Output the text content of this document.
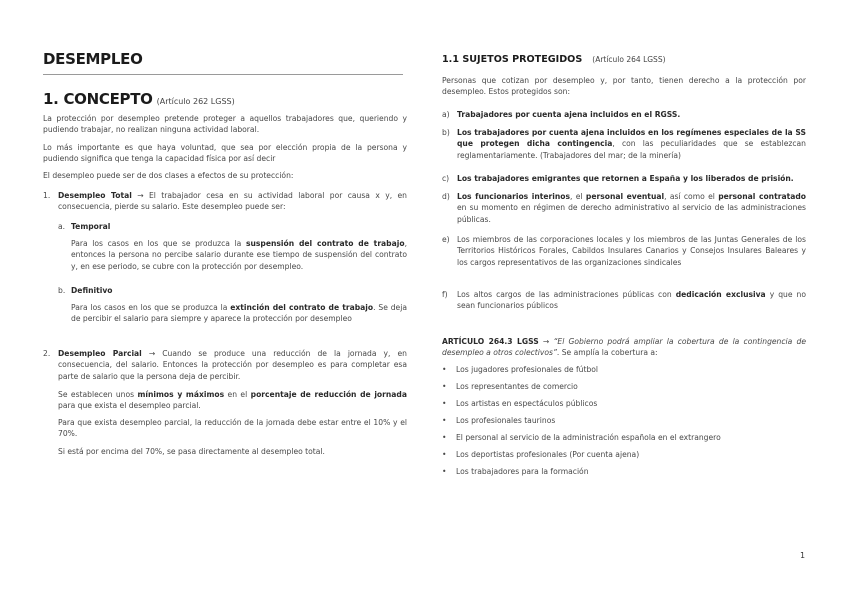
DESEMPLEO
1. CONCEPTO (Artículo 262 LGSS)
La protección por desempleo pretende proteger a aquellos trabajadores que, queriendo y pudiendo trabajar, no realizan ninguna actividad laboral.
Lo más importante es que haya voluntad, que sea por elección propia de la persona y pudiendo significa que tenga la capacidad física por así decir
El desempleo puede ser de dos clases a efectos de su protección:
1. Desempleo Total → El trabajador cesa en su actividad laboral por causa x y, en consecuencia, pierde su salario. Este desempleo puede ser:
a. Temporal
Para los casos en los que se produzca la suspensión del contrato de trabajo, entonces la persona no percibe salario durante ese tiempo de suspensión del contrato y, en ese periodo, se cubre con la protección por desempleo.
b. Definitivo
Para los casos en los que se produzca la extinción del contrato de trabajo. Se deja de percibir el salario para siempre y aparece la protección por desempleo
2. Desempleo Parcial → Cuando se produce una reducción de la jornada y, en consecuencia, del salario. Entonces la protección por desempleo es para completar esa parte de salario que la persona deja de percibir.
Se establecen unos mínimos y máximos en el porcentaje de reducción de jornada para que exista el desempleo parcial.
Para que exista desempleo parcial, la reducción de la jornada debe estar entre el 10% y el 70%.
Si está por encima del 70%, se pasa directamente al desempleo total.
1.1 SUJETOS PROTEGIDOS (Artículo 264 LGSS)
Personas que cotizan por desempleo y, por tanto, tienen derecho a la protección por desempleo. Estos protegidos son:
a) Trabajadores por cuenta ajena incluidos en el RGSS.
b) Los trabajadores por cuenta ajena incluidos en los regímenes especiales de la SS que protegen dicha contingencia, con las peculiaridades que se establezcan reglamentariamente. (Trabajadores del mar; de la minería)
c) Los trabajadores emigrantes que retornen a España y los liberados de prisión.
d) Los funcionarios interinos, el personal eventual, así como el personal contratado en su momento en régimen de derecho administrativo al servicio de las administraciones públicas.
e) Los miembros de las corporaciones locales y los miembros de las Juntas Generales de los Territorios Históricos Forales, Cabildos Insulares Canarios y Consejos Insulares Baleares y los cargos representativos de las organizaciones sindicales
f) Los altos cargos de las administraciones públicas con dedicación exclusiva y que no sean funcionarios públicos
ARTÍCULO 264.3 LGSS → “El Gobierno podrá ampliar la cobertura de la contingencia de desempleo a otros colectivos”. Se amplía la cobertura a:
• Los jugadores profesionales de fútbol
• Los representantes de comercio
• Los artistas en espectáculos públicos
• Los profesionales taurinos
• El personal al servicio de la administración española en el extrangero
• Los deportistas profesionales (Por cuenta ajena)
• Los trabajadores para la formación
1
